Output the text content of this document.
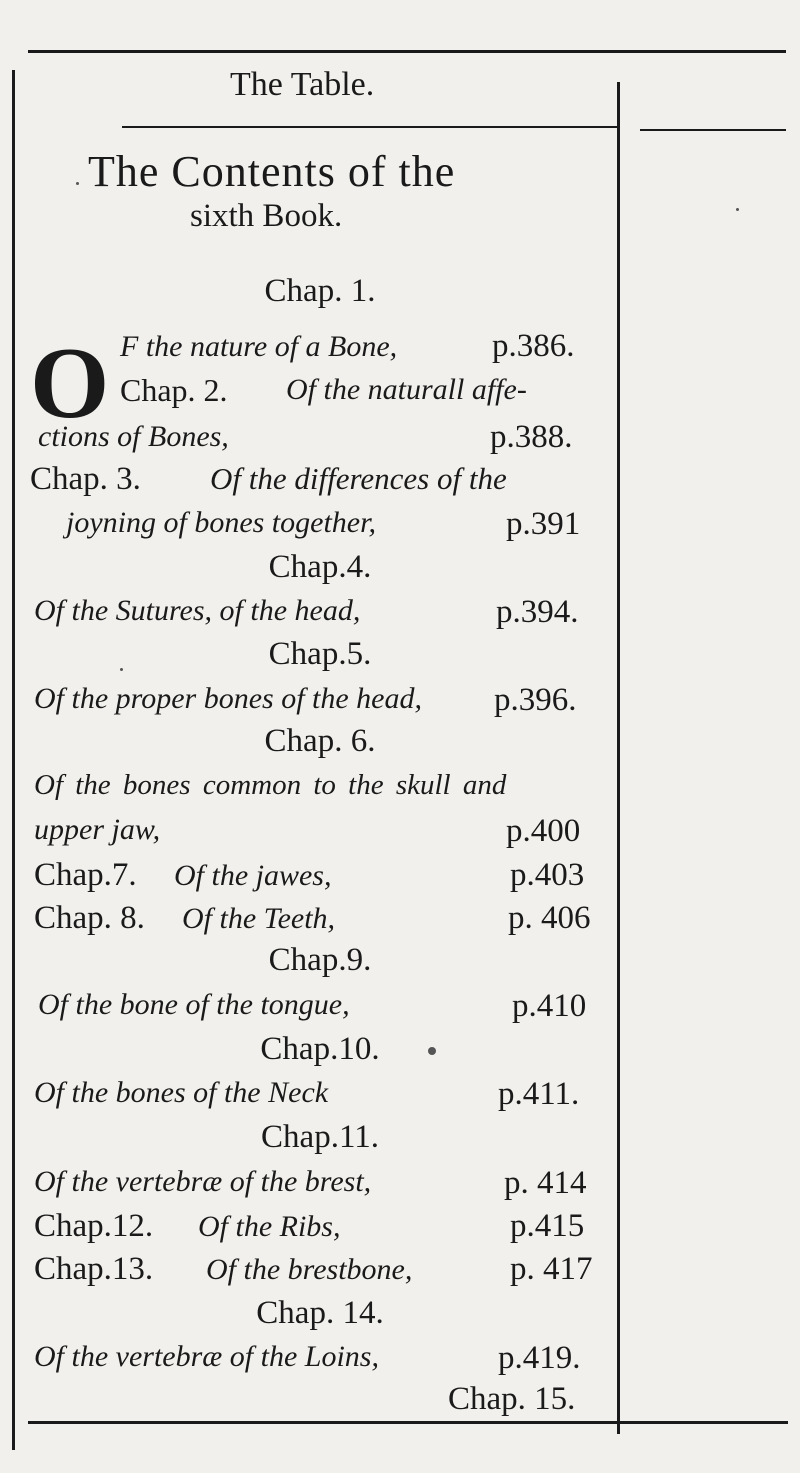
The Table.
The Contents of the
sixth Book.
O
Chap. 1.
F the nature of a Bone,	p.386.
Chap. 2. Of the naturall affe-
ctions of Bones,	p.388.
Chap. 3. Of the differences of the
joyning of bones together,	p.391
Chap.4.
Of the Sutures, of the head,	p.394.
Chap.5.
Of the proper bones of the head, p.396.
Chap. 6.
Of the bones common to the skull and
upper jaw,	p.400
Chap.7. Of the jawes,	p.403
Chap. 8. Of the Teeth,	p. 406
Chap.9.
Of the bone of the tongue,	p.410
Chap.10.
Of the bones of the Neck	p.411.
Chap.11.
Of the vertebræ of the brest,	p. 414
Chap.12. Of the Ribs,	p.415
Chap.13. Of the brestbone,	p. 417
Chap. 14.
Of the vertebræ of the Loins,	p.419.
Chap. 15.
